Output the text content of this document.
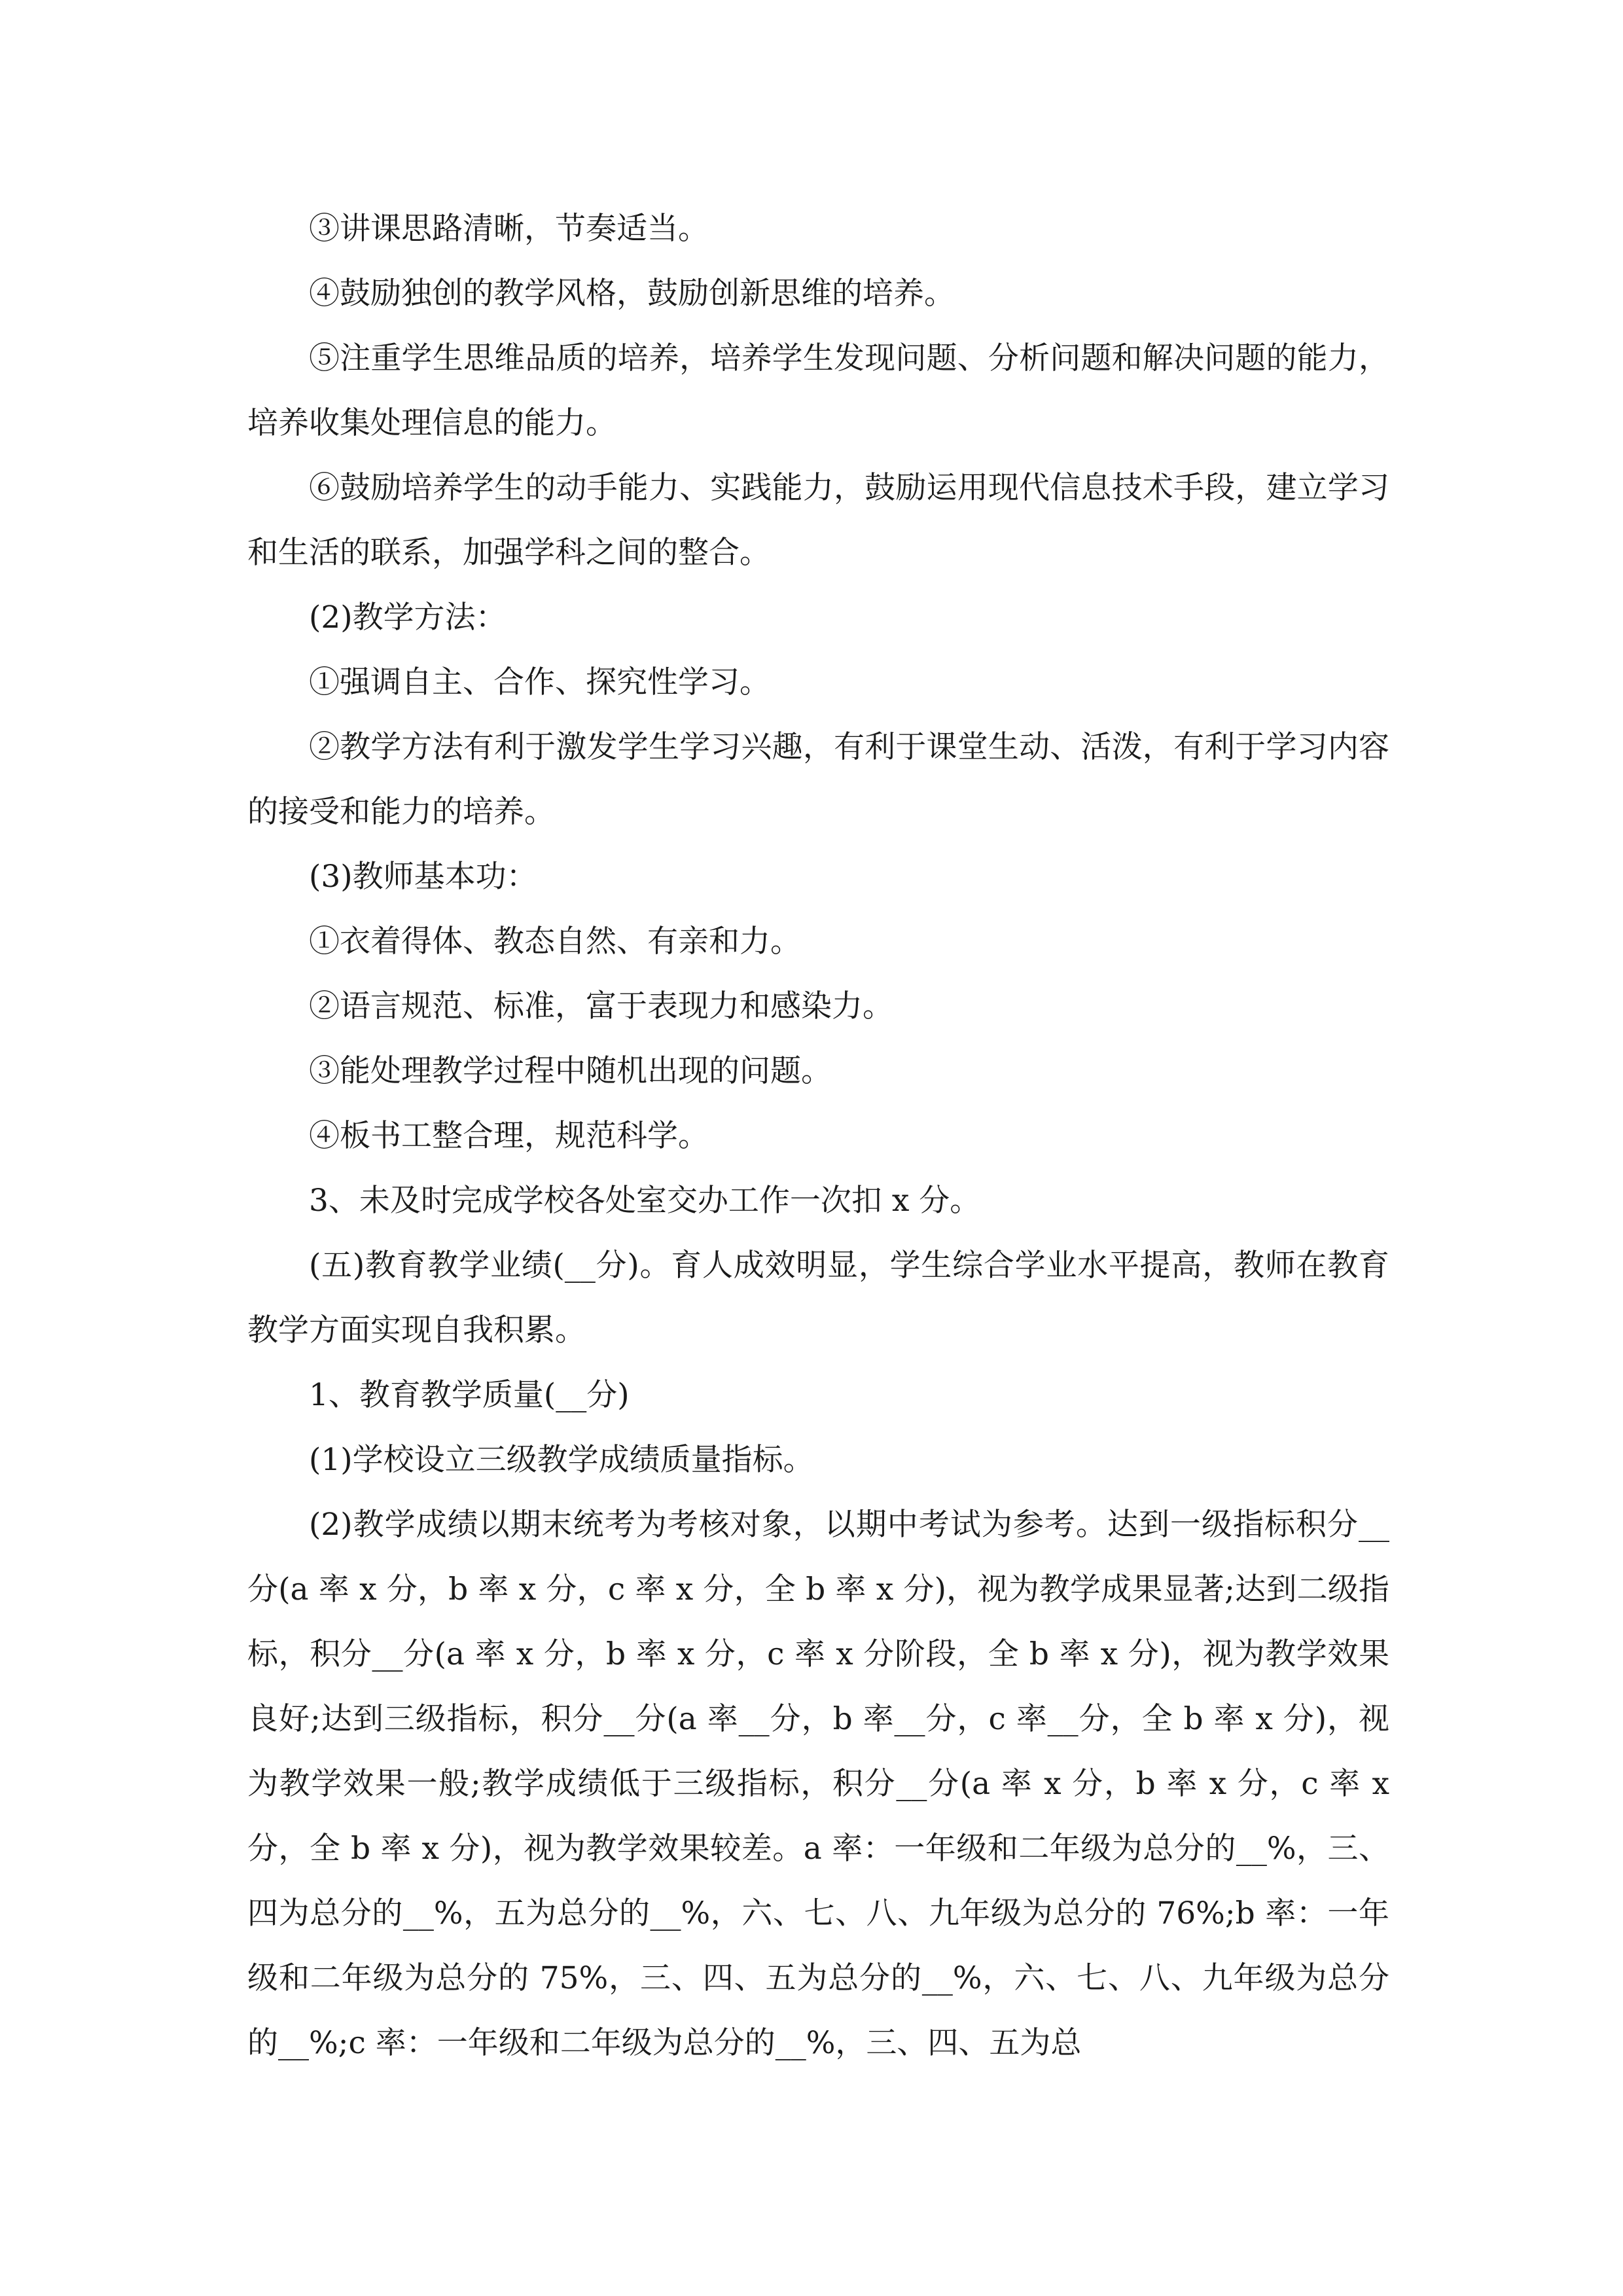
③讲课思路清晰，节奏适当。

④鼓励独创的教学风格，鼓励创新思维的培养。

⑤注重学生思维品质的培养，培养学生发现问题、分析问题和解决问题的能力，培养收集处理信息的能力。

⑥鼓励培养学生的动手能力、实践能力，鼓励运用现代信息技术手段，建立学习和生活的联系，加强学科之间的整合。

(2)教学方法：

①强调自主、合作、探究性学习。

②教学方法有利于激发学生学习兴趣，有利于课堂生动、活泼，有利于学习内容的接受和能力的培养。

(3)教师基本功：

①衣着得体、教态自然、有亲和力。

②语言规范、标准，富于表现力和感染力。

③能处理教学过程中随机出现的问题。

④板书工整合理，规范科学。

3、未及时完成学校各处室交办工作一次扣 x 分。

(五)教育教学业绩(__分)。育人成效明显，学生综合学业水平提高，教师在教育教学方面实现自我积累。

1、教育教学质量(__分)

(1)学校设立三级教学成绩质量指标。

(2)教学成绩以期末统考为考核对象，以期中考试为参考。达到一级指标积分__分(a 率 x 分，b 率 x 分，c 率 x 分，全 b 率 x 分)，视为教学成果显著;达到二级指标，积分__分(a 率 x 分，b 率 x 分，c 率 x 分阶段，全 b 率 x 分)，视为教学效果良好;达到三级指标，积分__分(a 率__分，b 率__分，c 率__分，全 b 率 x 分)，视为教学效果一般;教学成绩低于三级指标，积分__分(a 率 x 分，b 率 x 分，c 率 x 分，全 b 率 x 分)，视为教学效果较差。a 率：一年级和二年级为总分的__%，三、四为总分的__%，五为总分的__%，六、七、八、九年级为总分的 76%;b 率：一年级和二年级为总分的 75%，三、四、五为总分的__%，六、七、八、九年级为总分的__%;c 率：一年级和二年级为总分的__%，三、四、五为总
